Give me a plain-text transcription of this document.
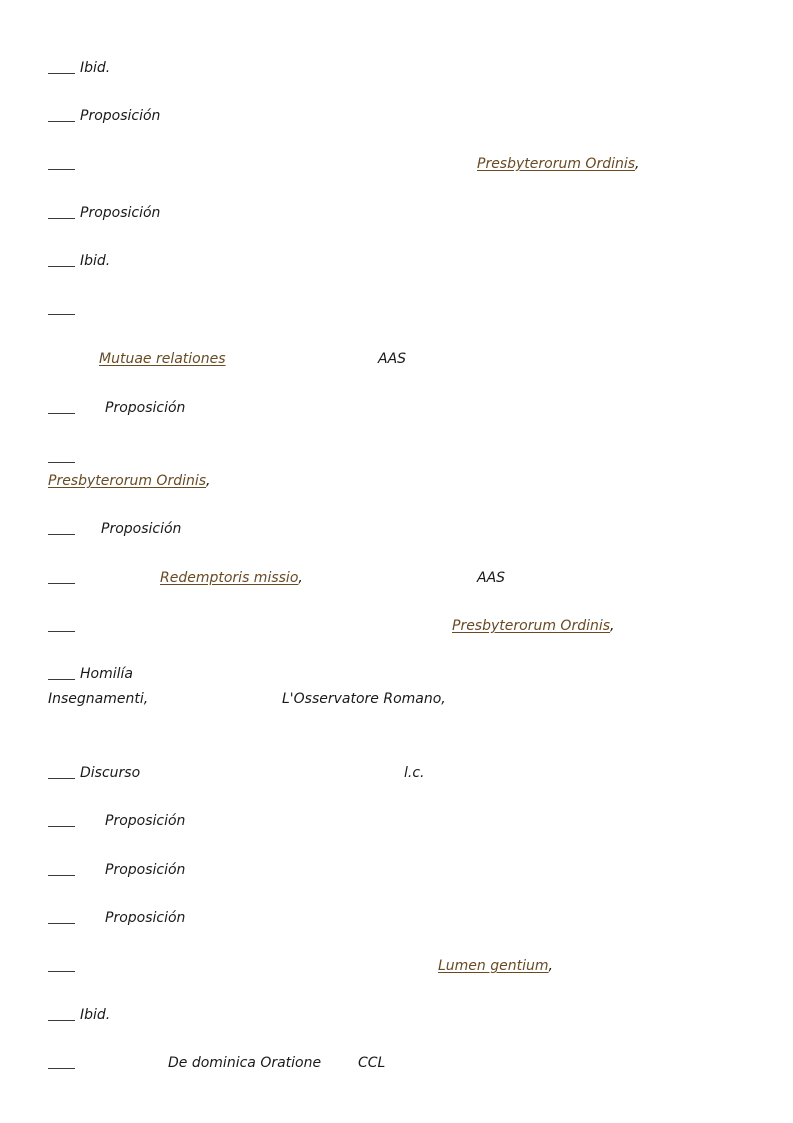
Ibid.
Proposición
Presbyterorum Ordinis,
Proposición
Ibid.
Mutuae relationes	AAS
Proposición
Presbyterorum Ordinis,
Proposición
Redemptoris missio,	AAS
Presbyterorum Ordinis,
Homilía
Insegnamenti,	L'Osservatore Romano,
Discurso	l.c.
Proposición
Proposición
Proposición
Lumen gentium,
Ibid.
De dominica Oratione	CCL
